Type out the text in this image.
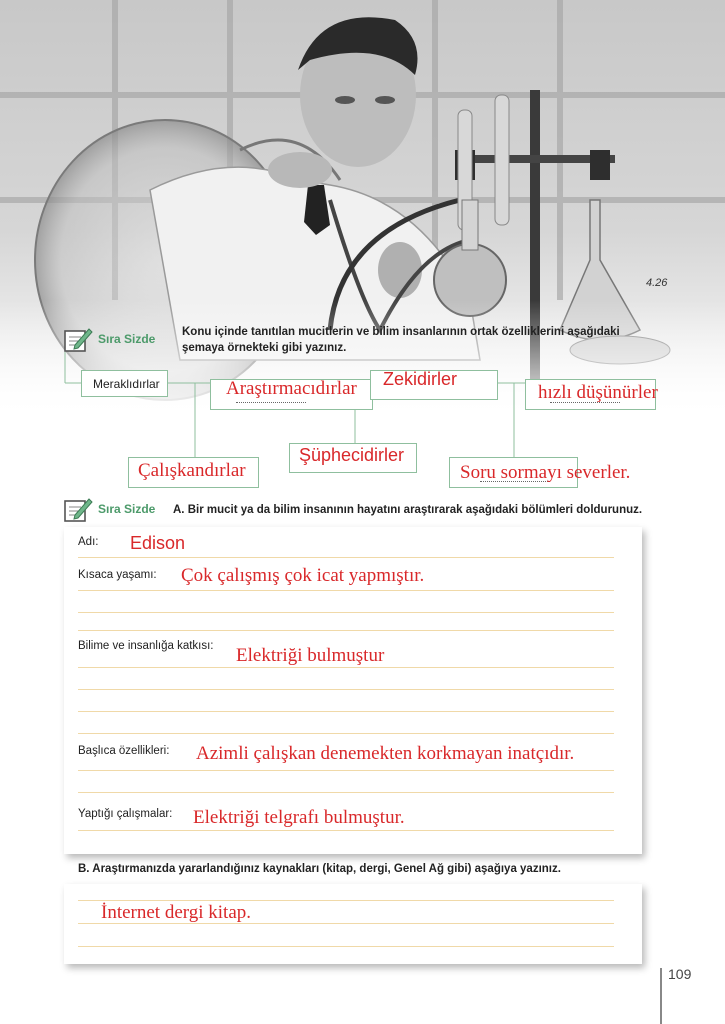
4.26
Sıra Sizde Konu içinde tanıtılan mucitlerin ve bilim insanlarının ortak özelliklerini aşağıdaki
şemaya örnekteki gibi yazınız.
Meraklıdırlar	Araştırmacıdırlar Zekidirler
hızlı düşünürler
Çalışkandırlar
Şüphecidirler
Soru sormayı severler.
Sıra Sizde A. Bir mucit ya da bilim insanının hayatını araştırarak aşağıdaki bölümleri doldurunuz.
Adı:
Kısaca yaşamı:
Bilime ve insanlığa katkısı:
Başlıca özellikleri:
Yaptığı çalışmalar:
Edison
Çok çalışmış çok icat yapmıştır.
Elektriği bulmuştur
Azimli çalışkan denemekten korkmayan inatçıdır.
Elektriği telgrafı bulmuştur.
B. Araştırmanızda yararlandığınız kaynakları (kitap, dergi, Genel Ağ gibi) aşağıya yazınız.
İnternet dergi kitap.
109
